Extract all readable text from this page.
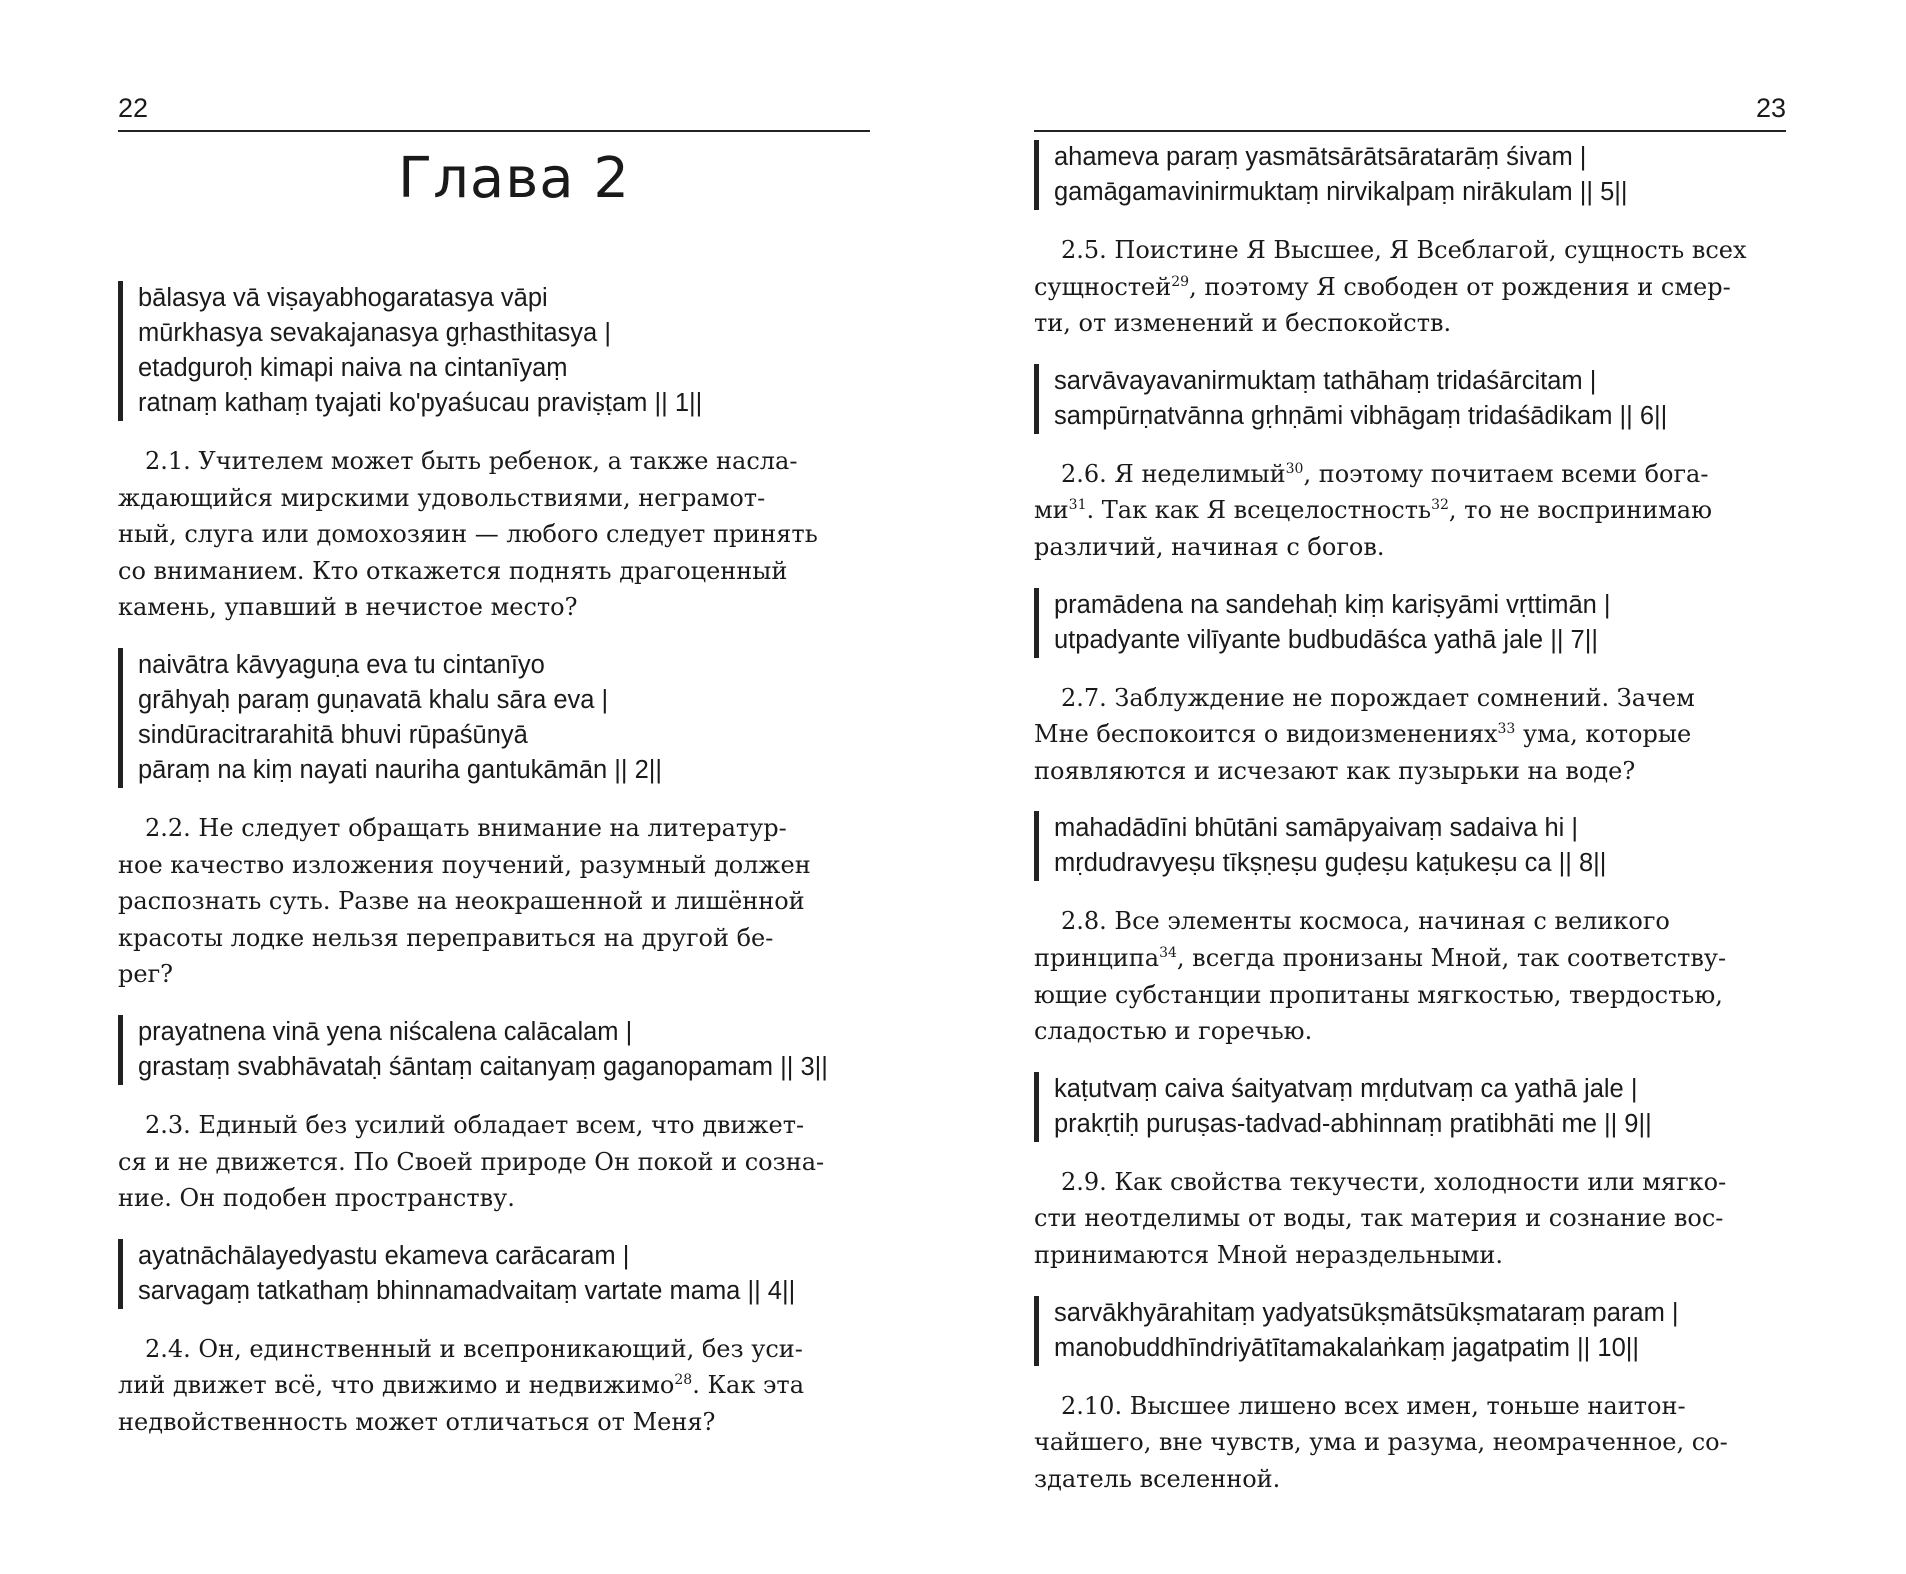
22
Глава 2
bālasya vā viṣayabhogaratasya vāpi
mūrkhasya sevakajanasya gṛhasthitasya |
etadguroḥ kimapi naiva na cintanīyaṃ
ratnaṃ kathaṃ tyajati ko'pyaśucau praviṣṭam || 1||
2.1. Учителем может быть ребенок, а также насла-
ждающийся мирскими удовольствиями, неграмот-
ный, слуга или домохозяин — любого следует принять
со вниманием. Кто откажется поднять драгоценный
камень, упавший в нечистое место?
naivātra kāvyaguṇa eva tu cintanīyo
grāhyaḥ paraṃ guṇavatā khalu sāra eva |
sindūracitrarahitā bhuvi rūpaśūnyā
pāraṃ na kiṃ nayati nauriha gantukāmān || 2||
2.2. Не следует обращать внимание на литератур-
ное качество изложения поучений, разумный должен
распознать суть. Разве на неокрашенной и лишённой
красоты лодке нельзя переправиться на другой бе-
рег?
prayatnena vinā yena niścalena calācalam |
grastaṃ svabhāvataḥ śāntaṃ caitanyaṃ gaganopamam || 3||
2.3. Единый без усилий обладает всем, что движет-
ся и не движется. По Своей природе Он покой и созна-
ние. Он подобен пространству.
ayatnāchālayedyastu ekameva carācaram |
sarvagaṃ tatkathaṃ bhinnamadvaitaṃ vartate mama || 4||
2.4. Он, единственный и всепроникающий, без уси-
лий движет всё, что движимо и недвижимо$^{28}$. Как эта
недвойственность может отличаться от Меня?
23
ahameva paraṃ yasmātsārātsāratarāṃ śivam |
gamāgamavinirmuktaṃ nirvikalpaṃ nirākulam || 5||
2.5. Поистине Я Высшее, Я Всеблагой, сущность всех
сущностей$^{29}$, поэтому Я свободен от рождения и смер-
ти, от изменений и беспокойств.
sarvāvayavanirmuktaṃ tathāhaṃ tridaśārcitam |
sampūrṇatvānna gṛhṇāmi vibhāgaṃ tridaśādikam || 6||
2.6. Я неделимый$^{30}$, поэтому почитаем всеми бога-
$ми^{31}$. Так как Я всецелостность$^{32}$, то не воспринимаю
различий, начиная с богов.
pramādena na sandehaḥ kiṃ kariṣyāmi vṛttimān |
utpadyante vilīyante budbudāśca yathā jale || 7||
2.7. Заблуждение не порождает сомнений. Зачем
Мне беспокоится о видоизменениях$^{33}$ ума, которые
появляются и исчезают как пузырьки на воде?
mahadādīni bhūtāni samāpyaivaṃ sadaiva hi |
mṛdudravyeṣu tīkṣṇeṣu guḍeṣu kaṭukeṣu ca || 8||
2.8. Все элементы космоса, начиная с великого
принципа$^{34}$, всегда пронизаны Мной, так соответству-
ющие субстанции пропитаны мягкостью, твердостью,
сладостью и горечью.
kaṭutvaṃ caiva śaityatvaṃ mṛdutvaṃ ca yathā jale |
prakṛtiḥ puruṣas-tadvad-abhinnaṃ pratibhāti me || 9||
2.9. Как свойства текучести, холодности или мягко-
сти неотделимы от воды, так материя и сознание вос-
принимаются Мной нераздельными.
sarvākhyārahitaṃ yadyatsūkṣmātsūkṣmataraṃ param |
manobuddhīndriyātītamakalaṅkaṃ jagatpatim || 10||
2.10. Высшее лишено всех имен, тоньше наитон-
чайшего, вне чувств, ума и разума, неомраченное, со-
здатель вселенной.
